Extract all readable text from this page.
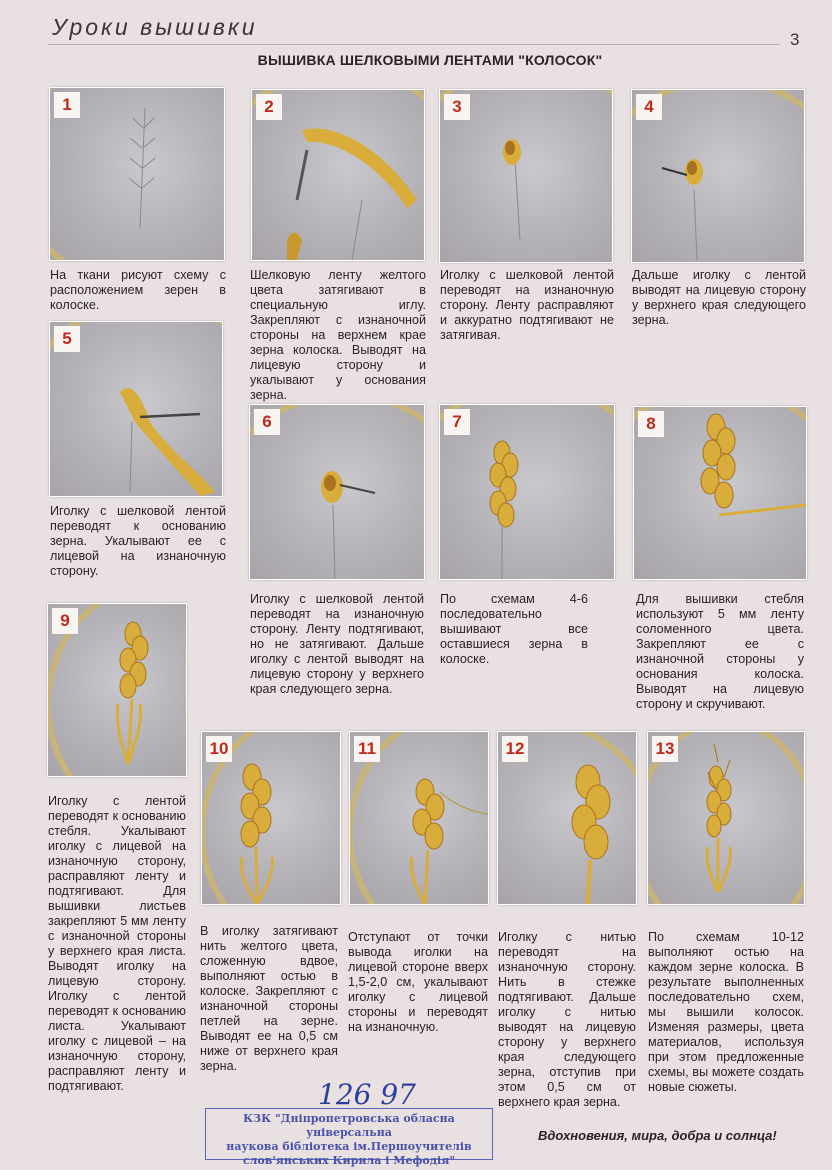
Уроки вышивки	3
ВЫШИВКА ШЕЛКОВЫМИ ЛЕНТАМИ "КОЛОСОК"
1	2	3	4
5
6	7	8
9
10	11	12	13
На ткани рисуют схему с расположением зерен в колоске.
Шелковую ленту желтого цвета затягивают в специальную иглу. Закрепляют с изнаночной стороны на верхнем крае зерна колоска. Выводят на лицевую сторону и укалывают у основания зерна.
Иголку с шелковой лентой переводят на изнаночную сторону. Ленту расправляют и аккуратно подтягивают не затягивая.
Дальше иголку с лентой выводят на лицевую сторону у верхнего края следующего зерна.
Иголку с шелковой лентой переводят к основанию зерна. Укалывают ее с лицевой на изнаночную сторону.
Иголку с шелковой лентой переводят на изнаночную сторону. Ленту подтягивают, но не затягивают. Дальше иголку с лентой выводят на лицевую сторону у верхнего края следующего зерна.
По схемам 4-6 последовательно вышивают все оставшиеся зерна в колоске.
Для вышивки стебля используют 5 мм ленту соломенного цвета. Закрепляют ее с изнаночной стороны у основания колоска. Выводят на лицевую сторону и скручивают.
Иголку с лентой переводят к основанию стебля. Укалывают иголку с лицевой на изнаночную сторону, расправляют ленту и подтягивают. Для вышивки листьев закрепляют 5 мм ленту с изнаночной стороны у верхнего края листа. Выводят иголку на лицевую сторону. Иголку с лентой переводят к основанию листа. Укалывают иголку с лицевой – на изнаночную сторону, расправляют ленту и подтягивают.
В иголку затягивают нить желтого цвета, сложенную вдвое, выполняют остью в колоске. Закрепляют с изнаночной стороны петлей на зерне. Выводят ее на 0,5 см ниже от верхнего края зерна.
Отступают от точки вывода иголки на лицевой стороне вверх 1,5-2,0 см, укалывают иголку с лицевой стороны и переводят на изнаночную.
Иголку с нитью переводят на изнаночную сторону. Нить в стежке подтягивают. Дальше иголку с нитью выводят на лицевую сторону у верхнего края следующего зерна, отступив при этом 0,5 см от верхнего края зерна.
По схемам 10-12 выполняют остью на каждом зерне колоска. В результате выполненных последовательно схем, мы вышили колосок. Изменяя размеры, цвета материалов, используя при этом предложенные схемы, вы можете создать новые сюжеты.
126 97
КЗК "Дніпропетровська обласна універсальна
наукова бібліотека ім.Першоучителів
слов'янських Кирила і Мефодія"
Вдохновения, мира, добра и солнца!
